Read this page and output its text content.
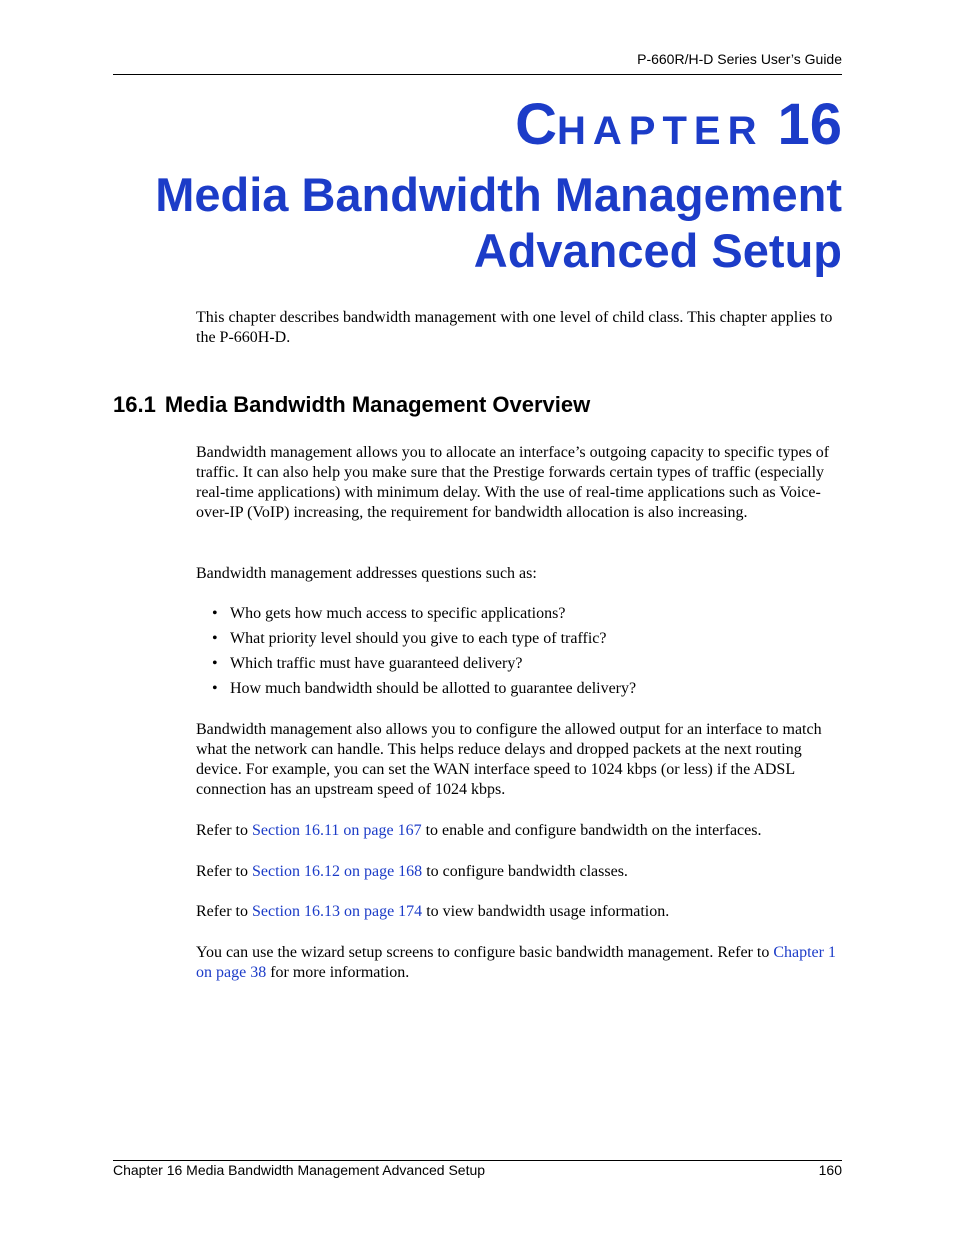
P-660R/H-D Series User’s Guide
CHAPTER 16
Media Bandwidth Management
Advanced Setup

This chapter describes bandwidth management with one level of child class. This chapter applies to the P-660H-D.

16.1 Media Bandwidth Management Overview

Bandwidth management allows you to allocate an interface’s outgoing capacity to specific types of traffic. It can also help you make sure that the Prestige forwards certain types of traffic (especially real-time applications) with minimum delay. With the use of real-time applications such as Voice-over-IP (VoIP) increasing, the requirement for bandwidth allocation is also increasing.

Bandwidth management addresses questions such as:

• Who gets how much access to specific applications?
• What priority level should you give to each type of traffic?
• Which traffic must have guaranteed delivery?
• How much bandwidth should be allotted to guarantee delivery?

Bandwidth management also allows you to configure the allowed output for an interface to match what the network can handle. This helps reduce delays and dropped packets at the next routing device. For example, you can set the WAN interface speed to 1024 kbps (or less) if the ADSL connection has an upstream speed of 1024 kbps.

Refer to Section 16.11 on page 167 to enable and configure bandwidth on the interfaces.

Refer to Section 16.12 on page 168 to configure bandwidth classes.

Refer to Section 16.13 on page 174 to view bandwidth usage information.

You can use the wizard setup screens to configure basic bandwidth management. Refer to Chapter 1 on page 38 for more information.

Chapter 16 Media Bandwidth Management Advanced Setup	160
